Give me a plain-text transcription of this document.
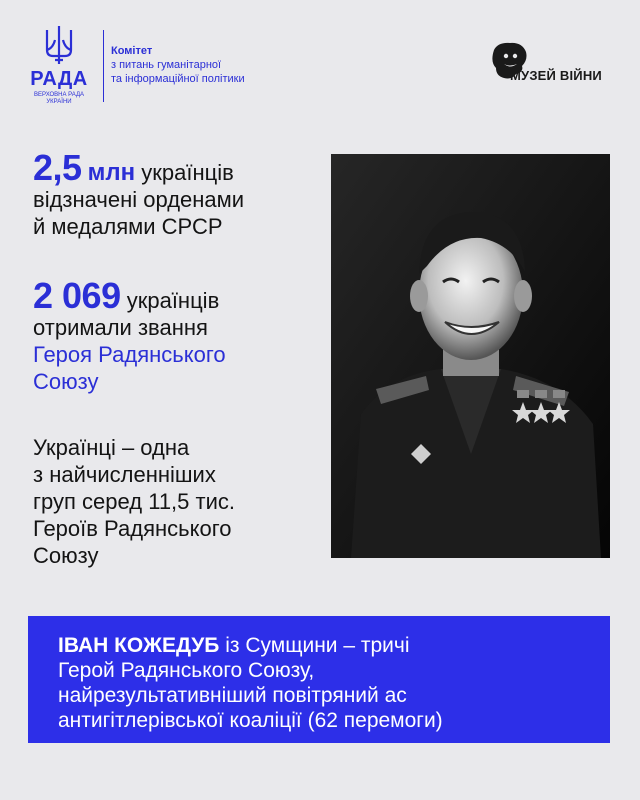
РАДА
ВЕРХОВНА РАДА
УКРАЇНИ
Комітет
з питань гуманітарної
та інформаційної політики	МУЗЕЙ ВІЙНИ
2,5 млн українців
відзначені орденами
й медалями СРСР
2 069 українців
отримали звання
Героя Радянського
Союзу
Українці – одна
з найчисленніших
груп серед 11,5 тис.
Героїв Радянського
Союзу
ІВАН КОЖЕДУБ із Сумщини – тричі
Герой Радянського Союзу,
найрезультативніший повітряний ас
антигітлерівської коаліції (62 перемоги)
